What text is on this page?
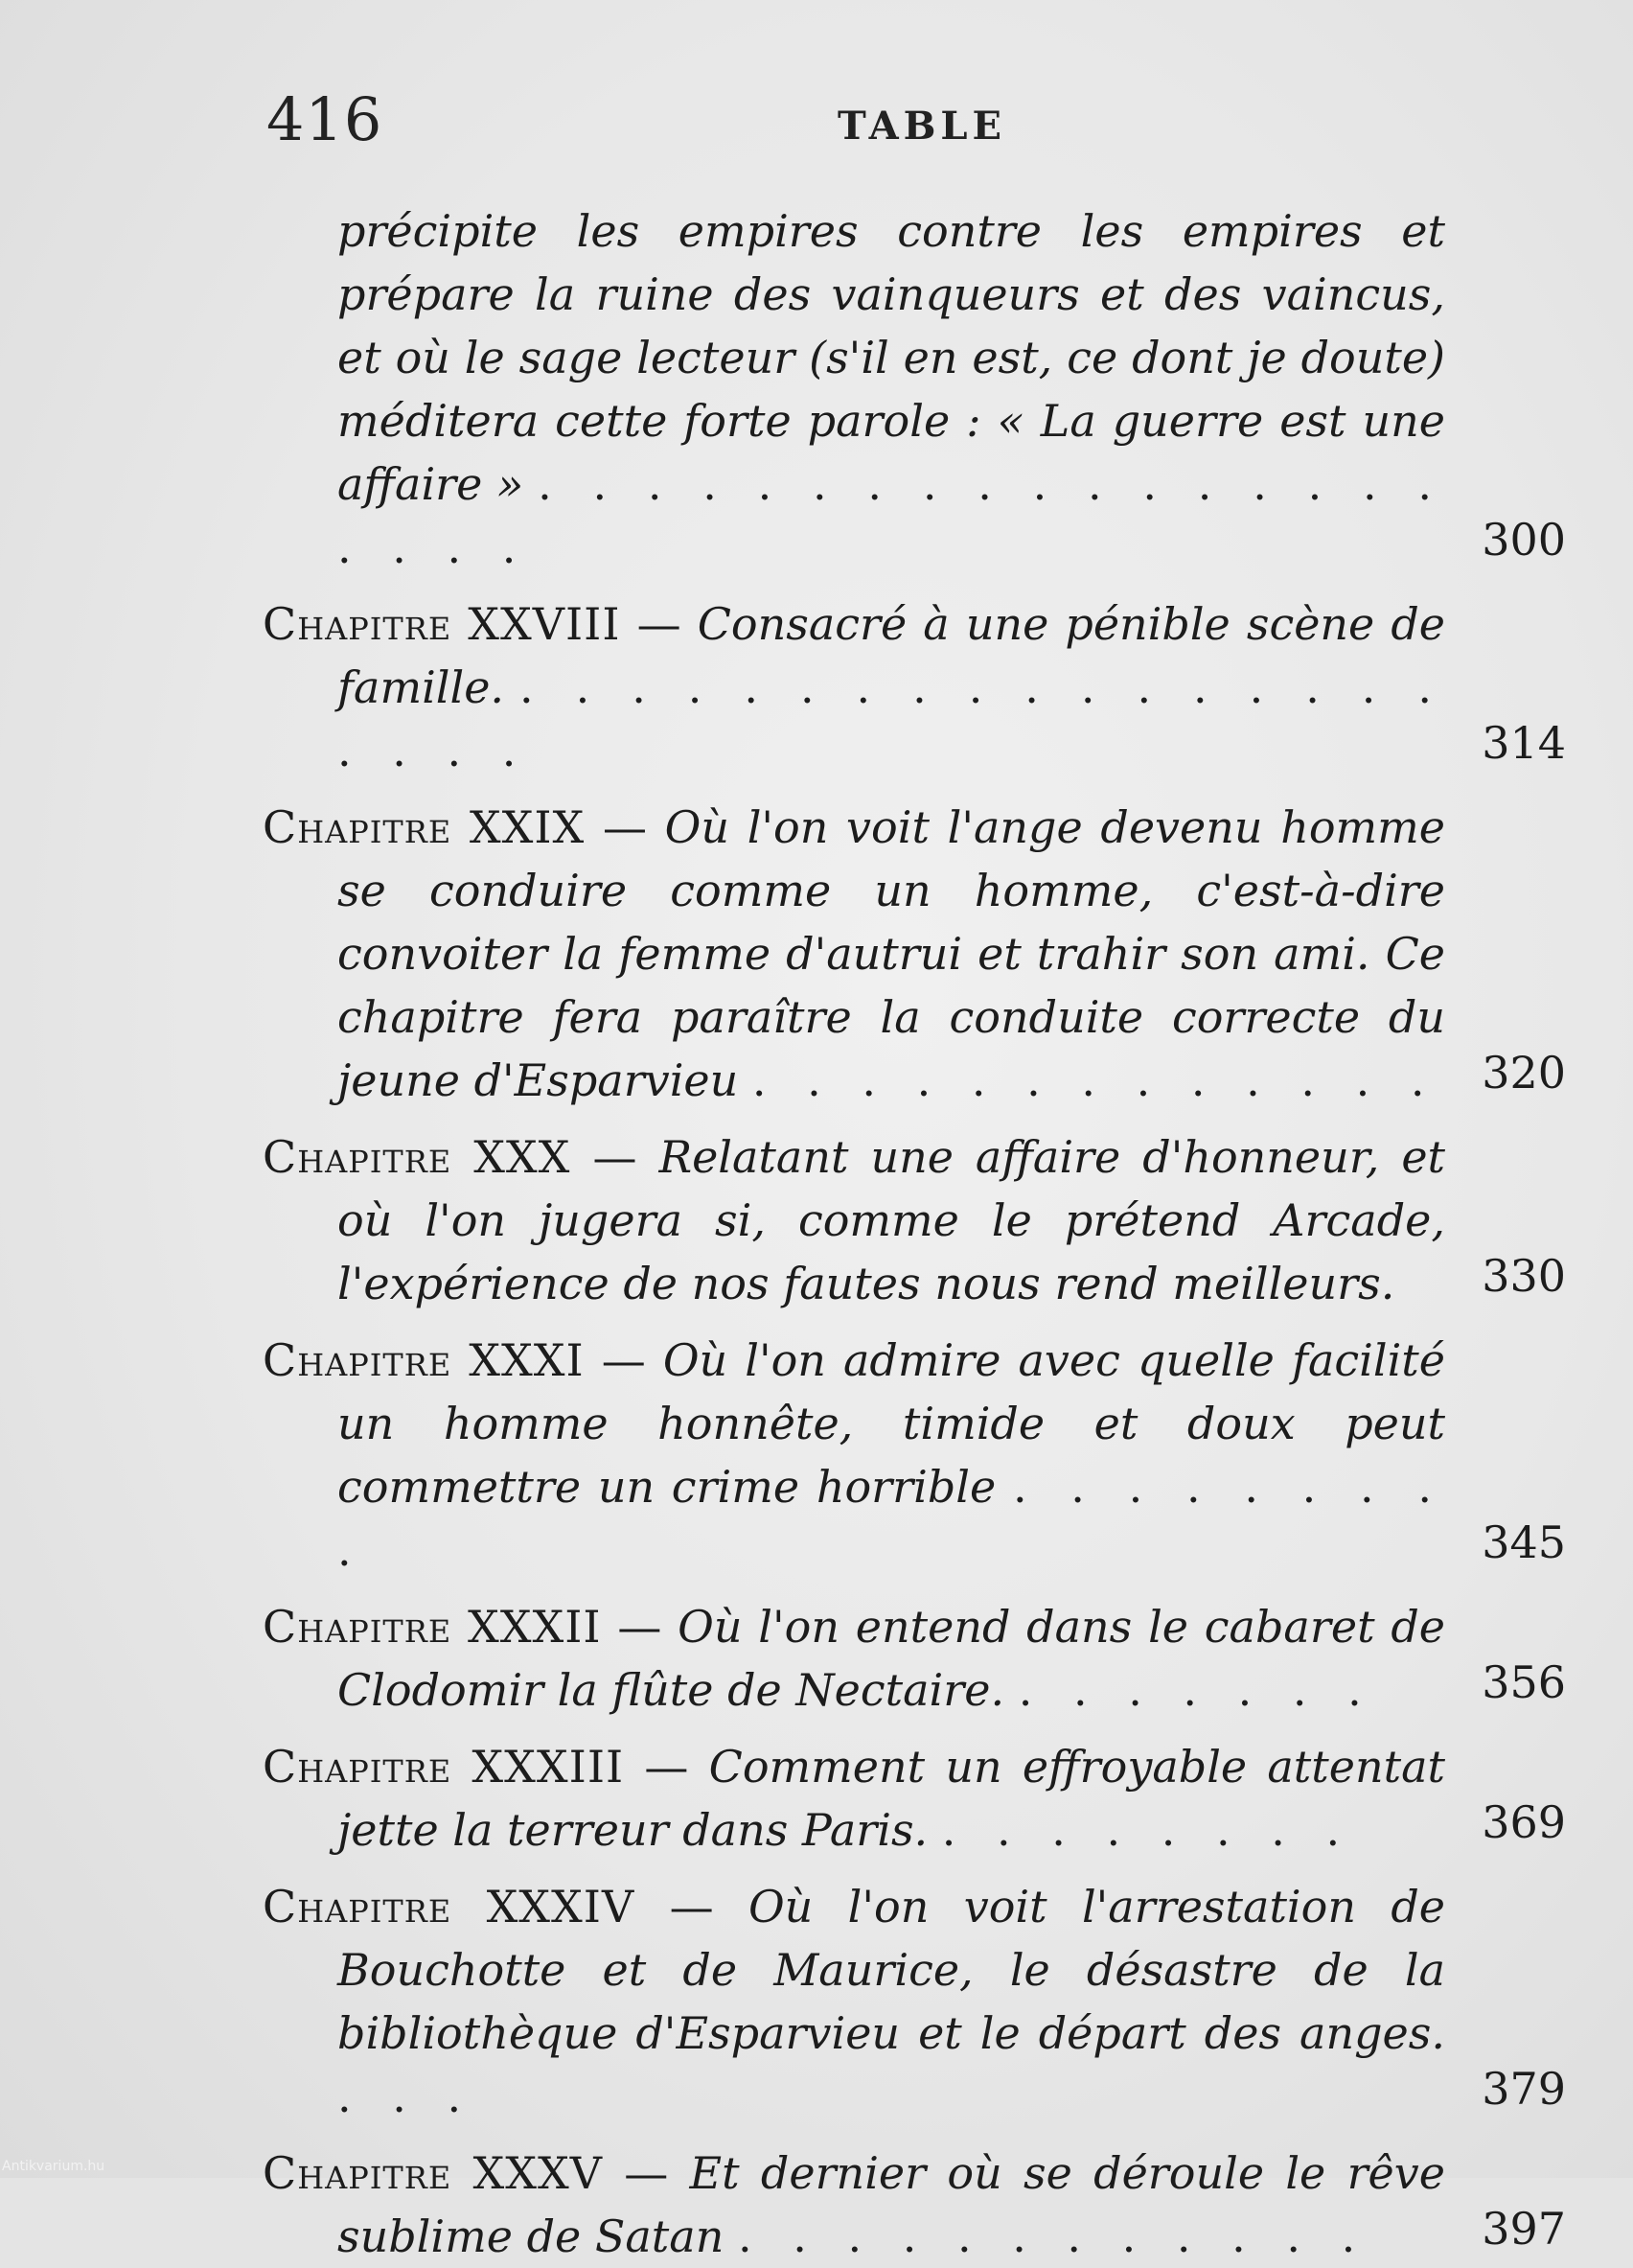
416	TABLE
précipite les empires contre les empires et prépare la ruine des vainqueurs et des vaincus, et où le sage lecteur (s'il en est, ce dont je doute) méditera cette forte parole : « La guerre est une affaire » . . . . . . . . . . . . . . . . . . . . .	300
Chapitre XXVIII — Consacré à une pénible scène de famille. . . . . . . . . . . . . . . . . . . . . .	314
Chapitre XXIX — Où l'on voit l'ange devenu homme se conduire comme un homme, c'est-à-dire convoiter la femme d'autrui et trahir son ami. Ce chapitre fera paraître la conduite correcte du jeune d'Esparvieu . . . . . . . . . . . . . 320
Chapitre XXX — Relatant une affaire d'honneur, et où l'on jugera si, comme le prétend Arcade, l'expérience de nos fautes nous rend meilleurs.	330
Chapitre XXXI — Où l'on admire avec quelle facilité un homme honnête, timide et doux peut commettre un crime horrible . . . . . . . . .	345
Chapitre XXXII — Où l'on entend dans le cabaret de Clodomir la flûte de Nectaire. . . . . . . .	356
Chapitre XXXIII — Comment un effroyable attentat jette la terreur dans Paris. . . . . . . . .	369
Chapitre XXXIV — Où l'on voit l'arrestation de Bouchotte et de Maurice, le désastre de la bibliothèque d'Esparvieu et le départ des anges. . . .	379
Chapitre XXXV — Et dernier où se déroule le rêve sublime de Satan . . . . . . . . . . . .	397
Antikvarium.hu
